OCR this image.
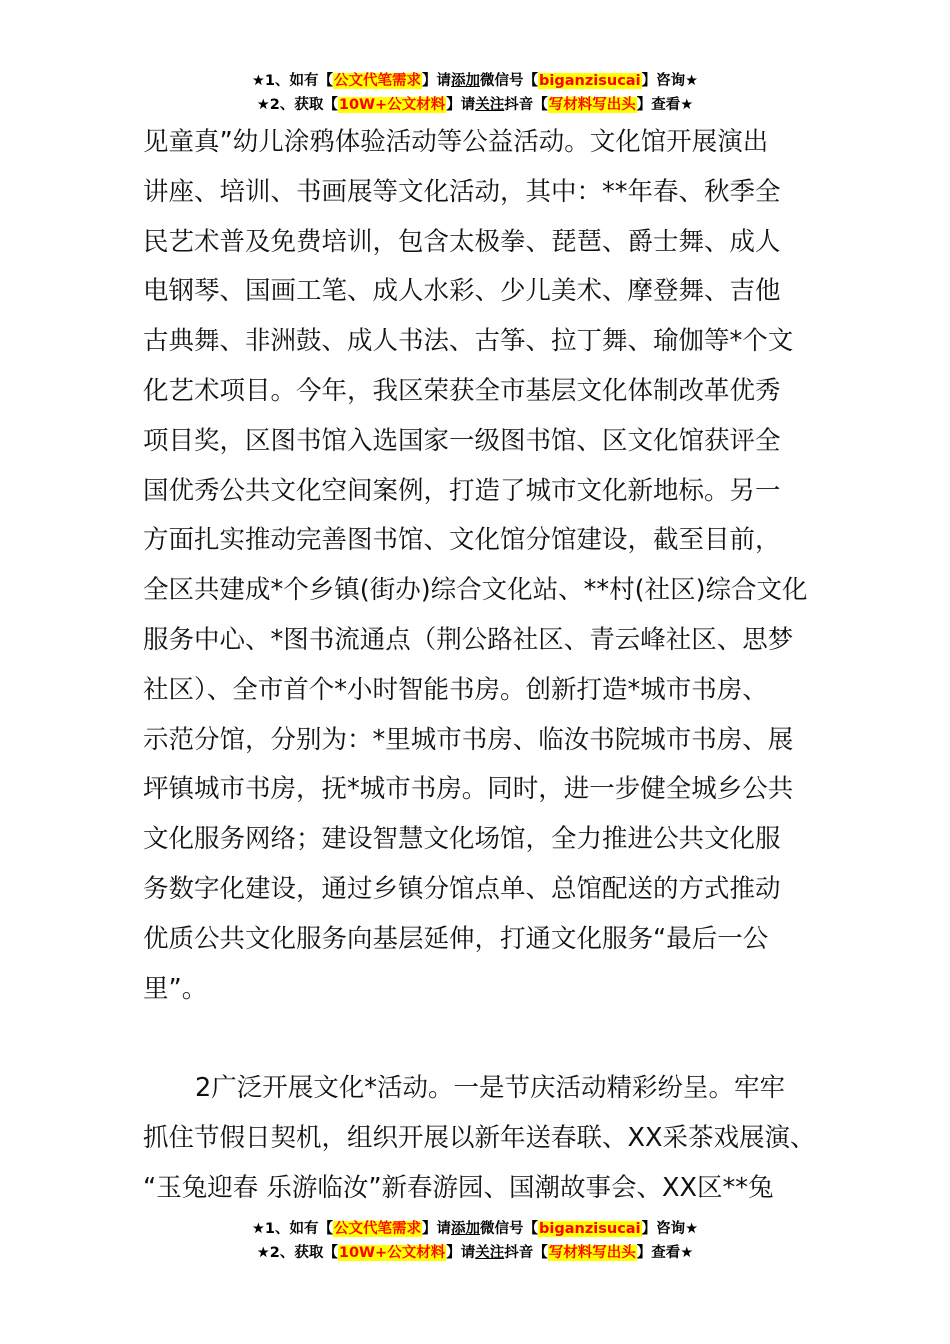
★1、如有【公文代笔需求】请添加微信号【biganzisucai】咨询★
★2、获取【10W+公文材料】请关注抖音【写材料写出头】查看★
见童真”幼儿涂鸦体验活动等公益活动。文化馆开展演出
讲座、培训、书画展等文化活动，其中：**年春、秋季全
民艺术普及免费培训，包含太极拳、琵琶、爵士舞、成人
电钢琴、国画工笔、成人水彩、少儿美术、摩登舞、吉他
古典舞、非洲鼓、成人书法、古筝、拉丁舞、瑜伽等*个文
化艺术项目。今年，我区荣获全市基层文化体制改革优秀
项目奖，区图书馆入选国家一级图书馆、区文化馆获评全
国优秀公共文化空间案例，打造了城市文化新地标。另一
方面扎实推动完善图书馆、文化馆分馆建设，截至目前，
全区共建成*个乡镇(街办)综合文化站、**村(社区)综合文化
服务中心、*图书流通点（荆公路社区、青云峰社区、思梦
社区）、全市首个*小时智能书房。创新打造*城市书房、
示范分馆，分别为：*里城市书房、临汝书院城市书房、展
坪镇城市书房，抚*城市书房。同时，进一步健全城乡公共
文化服务网络；建设智慧文化场馆，全力推进公共文化服
务数字化建设，通过乡镇分馆点单、总馆配送的方式推动
优质公共文化服务向基层延伸，打通文化服务“最后一公
里”。
2广泛开展文化*活动。一是节庆活动精彩纷呈。牢牢
抓住节假日契机，组织开展以新年送春联、XX采茶戏展演、
“玉兔迎春 乐游临汝”新春游园、国潮故事会、XX区**兔
★1、如有【公文代笔需求】请添加微信号【biganzisucai】咨询★
★2、获取【10W+公文材料】请关注抖音【写材料写出头】查看★
